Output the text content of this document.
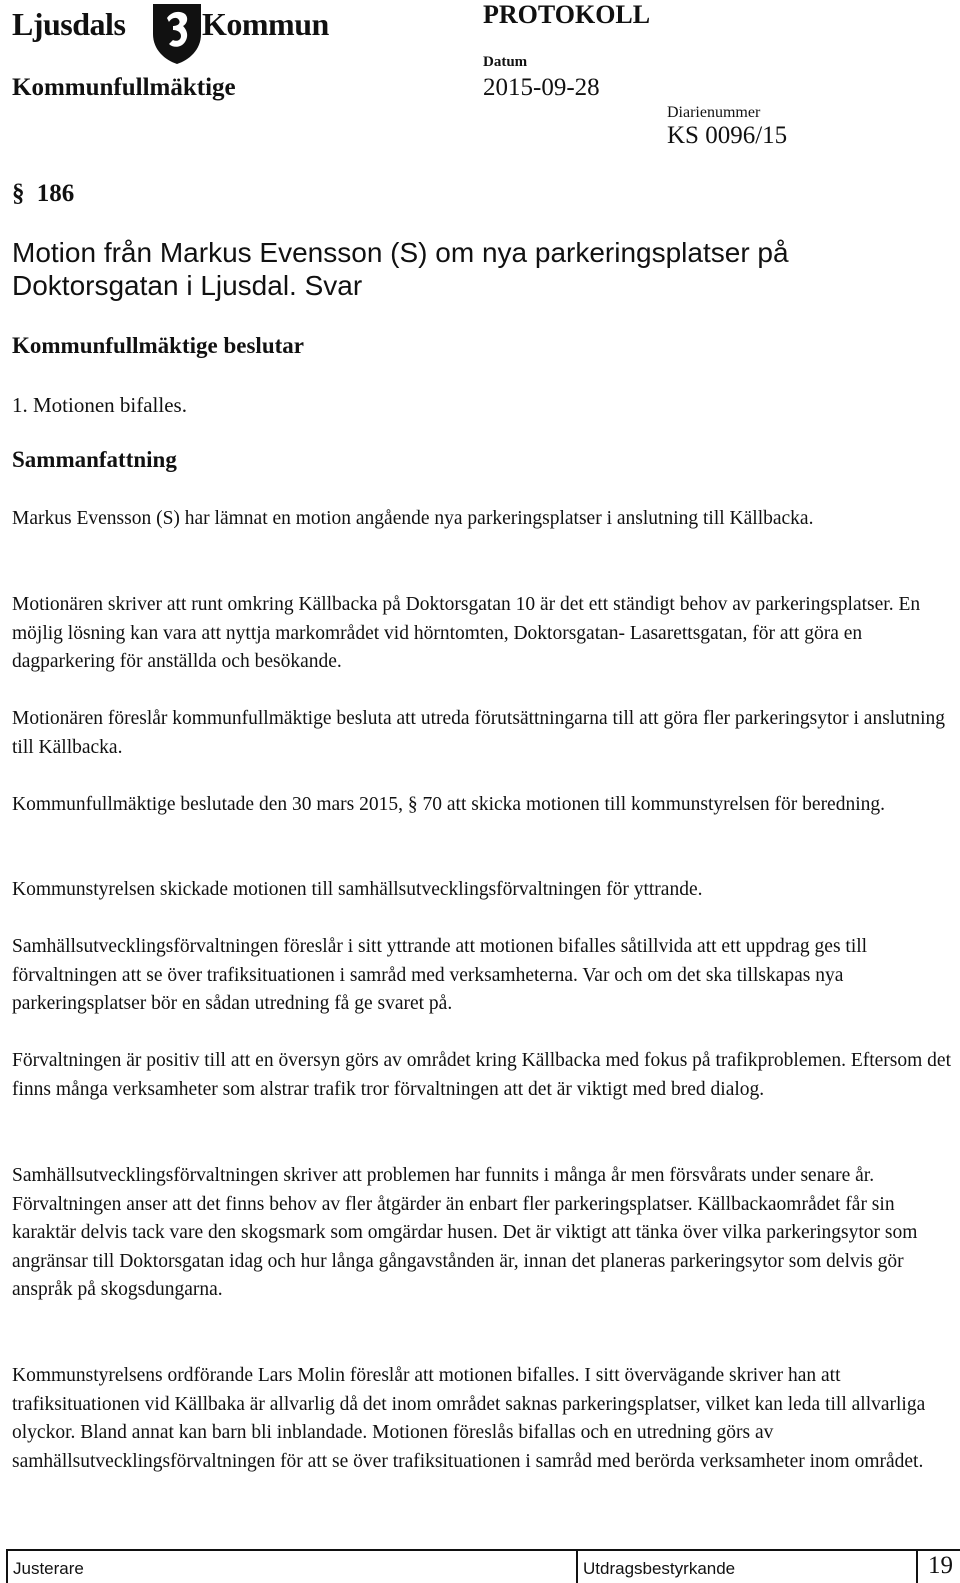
Ljusdals Kommun	PROTOKOLL
Datum
2015-09-28
Diarienummer
KS 0096/15
Kommunfullmäktige
§ 186
Motion från Markus Evensson (S) om nya parkeringsplatser på
Doktorsgatan i Ljusdal. Svar
Kommunfullmäktige beslutar
1. Motionen bifalles.
Sammanfattning
Markus Evensson (S) har lämnat en motion angående nya parkeringsplatser i anslutning till Källbacka.
Motionären skriver att runt omkring Källbacka på Doktorsgatan 10 är det ett ständigt behov av parkeringsplatser. En möjlig lösning kan vara att nyttja markområdet vid hörntomten, Doktorsgatan- Lasarettsgatan, för att göra en dagparkering för anställda och besökande.
Motionären föreslår kommunfullmäktige besluta att utreda förutsättningarna till att göra fler parkeringsytor i anslutning till Källbacka.
Kommunfullmäktige beslutade den 30 mars 2015, § 70 att skicka motionen till kommunstyrelsen för beredning.
Kommunstyrelsen skickade motionen till samhällsutvecklingsförvaltningen för yttrande.
Samhällsutvecklingsförvaltningen föreslår i sitt yttrande att motionen bifalles såtillvida att ett uppdrag ges till förvaltningen att se över trafiksituationen i samråd med verksamheterna. Var och om det ska tillskapas nya parkeringsplatser bör en sådan utredning få ge svaret på.
Förvaltningen är positiv till att en översyn görs av området kring Källbacka med fokus på trafikproblemen. Eftersom det finns många verksamheter som alstrar trafik tror förvaltningen att det är viktigt med bred dialog.
Samhällsutvecklingsförvaltningen skriver att problemen har funnits i många år men försvårats under senare år. Förvaltningen anser att det finns behov av fler åtgärder än enbart fler parkeringsplatser. Källbackaområdet får sin karaktär delvis tack vare den skogsmark som omgärdar husen. Det är viktigt att tänka över vilka parkeringsytor som angränsar till Doktorsgatan idag och hur långa gångavstånden är, innan det planeras parkeringsytor som delvis gör anspråk på skogsdungarna.
Kommunstyrelsens ordförande Lars Molin föreslår att motionen bifalles. I sitt övervägande skriver han att trafiksituationen vid Källbaka är allvarlig då det inom området saknas parkeringsplatser, vilket kan leda till allvarliga olyckor. Bland annat kan barn bli inblandade. Motionen föreslås bifallas och en utredning görs av samhällsutvecklingsförvaltningen för att se över trafiksituationen i samråd med berörda verksamheter inom området.
Justerare	Utdragsbestyrkande	19
